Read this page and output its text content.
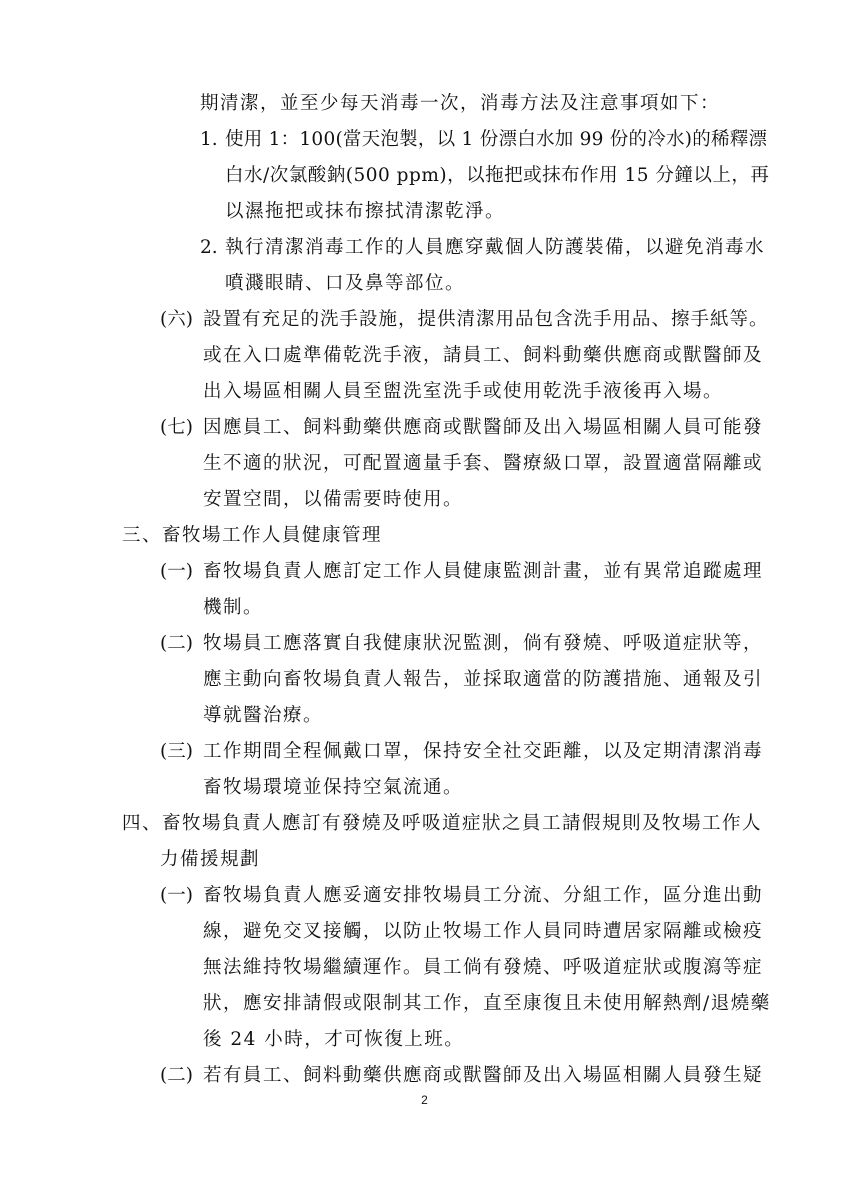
期清潔，並至少每天消毒一次，消毒方法及注意事項如下：
1. 使用 1：100(當天泡製，以 1 份漂白水加 99 份的冷水)的稀釋漂
白水/次氯酸鈉(500 ppm)，以拖把或抹布作用 15 分鐘以上，再
以濕拖把或抹布擦拭清潔乾淨。
2. 執行清潔消毒工作的人員應穿戴個人防護裝備，以避免消毒水
噴濺眼睛、口及鼻等部位。
(六) 設置有充足的洗手設施，提供清潔用品包含洗手用品、擦手紙等。
或在入口處準備乾洗手液，請員工、飼料動藥供應商或獸醫師及
出入場區相關人員至盥洗室洗手或使用乾洗手液後再入場。
(七) 因應員工、飼料動藥供應商或獸醫師及出入場區相關人員可能發
生不適的狀況，可配置適量手套、醫療級口罩，設置適當隔離或
安置空間，以備需要時使用。
三、畜牧場工作人員健康管理
(一) 畜牧場負責人應訂定工作人員健康監測計畫，並有異常追蹤處理
機制。
(二) 牧場員工應落實自我健康狀況監測，倘有發燒、呼吸道症狀等，
應主動向畜牧場負責人報告，並採取適當的防護措施、通報及引
導就醫治療。
(三) 工作期間全程佩戴口罩，保持安全社交距離，以及定期清潔消毒
畜牧場環境並保持空氣流通。
四、畜牧場負責人應訂有發燒及呼吸道症狀之員工請假規則及牧場工作人
力備援規劃
(一) 畜牧場負責人應妥適安排牧場員工分流、分組工作，區分進出動
線，避免交叉接觸，以防止牧場工作人員同時遭居家隔離或檢疫
無法維持牧場繼續運作。員工倘有發燒、呼吸道症狀或腹瀉等症
狀，應安排請假或限制其工作，直至康復且未使用解熱劑/退燒藥
後 24 小時，才可恢復上班。
(二) 若有員工、飼料動藥供應商或獸醫師及出入場區相關人員發生疑
2
